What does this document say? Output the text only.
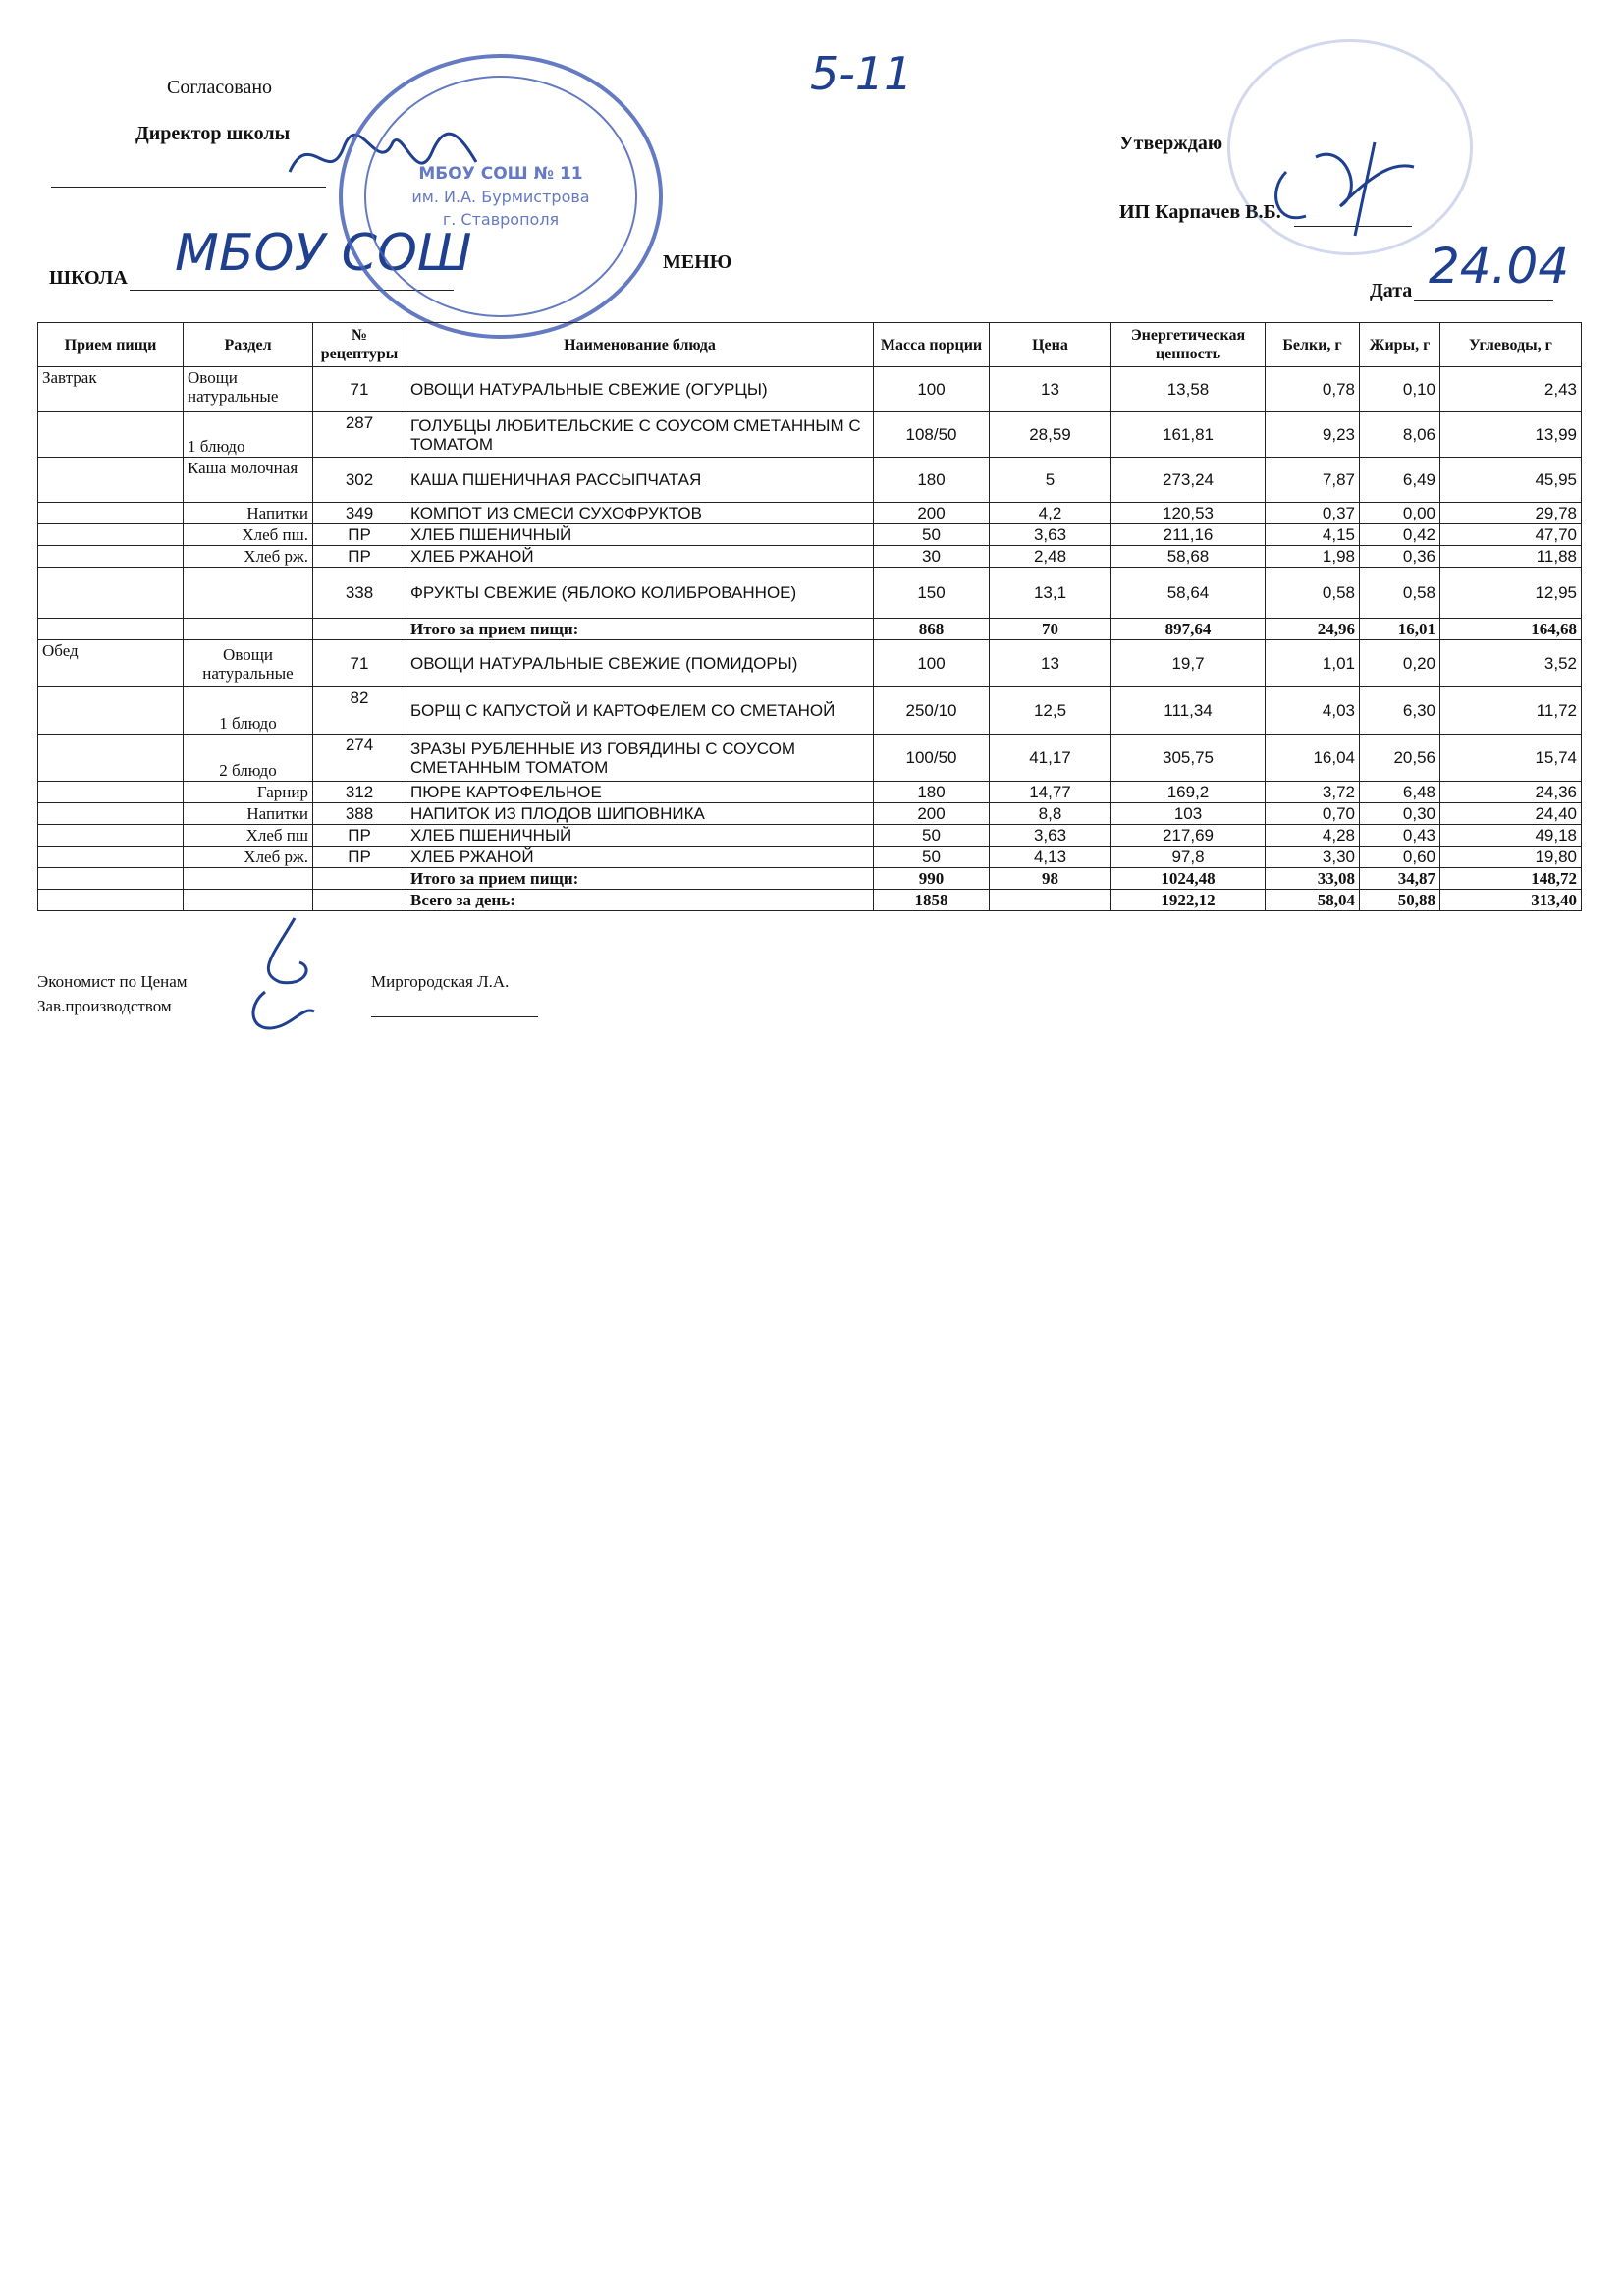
5-11
Согласовано
Директор школы
ШКОЛА МБОУ СОШ	МЕНЮ
МБОУ СОШ № 11
им. И.А. Бурмистрова
г. Ставрополя
Утверждаю
ИП Карпачев В.Б.
Дата 24.04
Прием пищи	Раздел	№ рецептуры	Наименование блюда	Масса порции	Цена	Энергетическая ценность	Белки, г	Жиры, г	Углеводы, г
Завтрак	Овощи натуральные	71	ОВОЩИ НАТУРАЛЬНЫЕ СВЕЖИЕ (ОГУРЦЫ)	100	13	13,58	0,78	0,10	2,43
	1 блюдо	287	ГОЛУБЦЫ ЛЮБИТЕЛЬСКИЕ С СОУСОМ СМЕТАННЫМ С ТОМАТОМ	108/50	28,59	161,81	9,23	8,06	13,99
	Каша молочная	302	КАША ПШЕНИЧНАЯ РАССЫПЧАТАЯ	180	5	273,24	7,87	6,49	45,95
	Напитки	349	КОМПОТ ИЗ СМЕСИ СУХОФРУКТОВ	200	4,2	120,53	0,37	0,00	29,78
	Хлеб пш.	ПР	ХЛЕБ ПШЕНИЧНЫЙ	50	3,63	211,16	4,15	0,42	47,70
	Хлеб рж.	ПР	ХЛЕБ РЖАНОЙ	30	2,48	58,68	1,98	0,36	11,88
		338	ФРУКТЫ СВЕЖИЕ (ЯБЛОКО КОЛИБРОВАННОЕ)	150	13,1	58,64	0,58	0,58	12,95
			Итого за прием пищи:	868	70	897,64	24,96	16,01	164,68
Обед	Овощи натуральные	71	ОВОЩИ НАТУРАЛЬНЫЕ СВЕЖИЕ (ПОМИДОРЫ)	100	13	19,7	1,01	0,20	3,52
	1 блюдо	82	БОРЩ С КАПУСТОЙ И КАРТОФЕЛЕМ СО СМЕТАНОЙ	250/10	12,5	111,34	4,03	6,30	11,72
	2 блюдо	274	ЗРАЗЫ РУБЛЕННЫЕ ИЗ ГОВЯДИНЫ С СОУСОМ СМЕТАННЫМ ТОМАТОМ	100/50	41,17	305,75	16,04	20,56	15,74
	Гарнир	312	ПЮРЕ КАРТОФЕЛЬНОЕ	180	14,77	169,2	3,72	6,48	24,36
	Напитки	388	НАПИТОК ИЗ ПЛОДОВ ШИПОВНИКА	200	8,8	103	0,70	0,30	24,40
	Хлеб пш	ПР	ХЛЕБ ПШЕНИЧНЫЙ	50	3,63	217,69	4,28	0,43	49,18
	Хлеб рж.	ПР	ХЛЕБ РЖАНОЙ	50	4,13	97,8	3,30	0,60	19,80
			Итого за прием пищи:	990	98	1024,48	33,08	34,87	148,72
			Всего за день:	1858		1922,12	58,04	50,88	313,40
Экономист по Ценам
Зав.производством
Миргородская Л.А.
